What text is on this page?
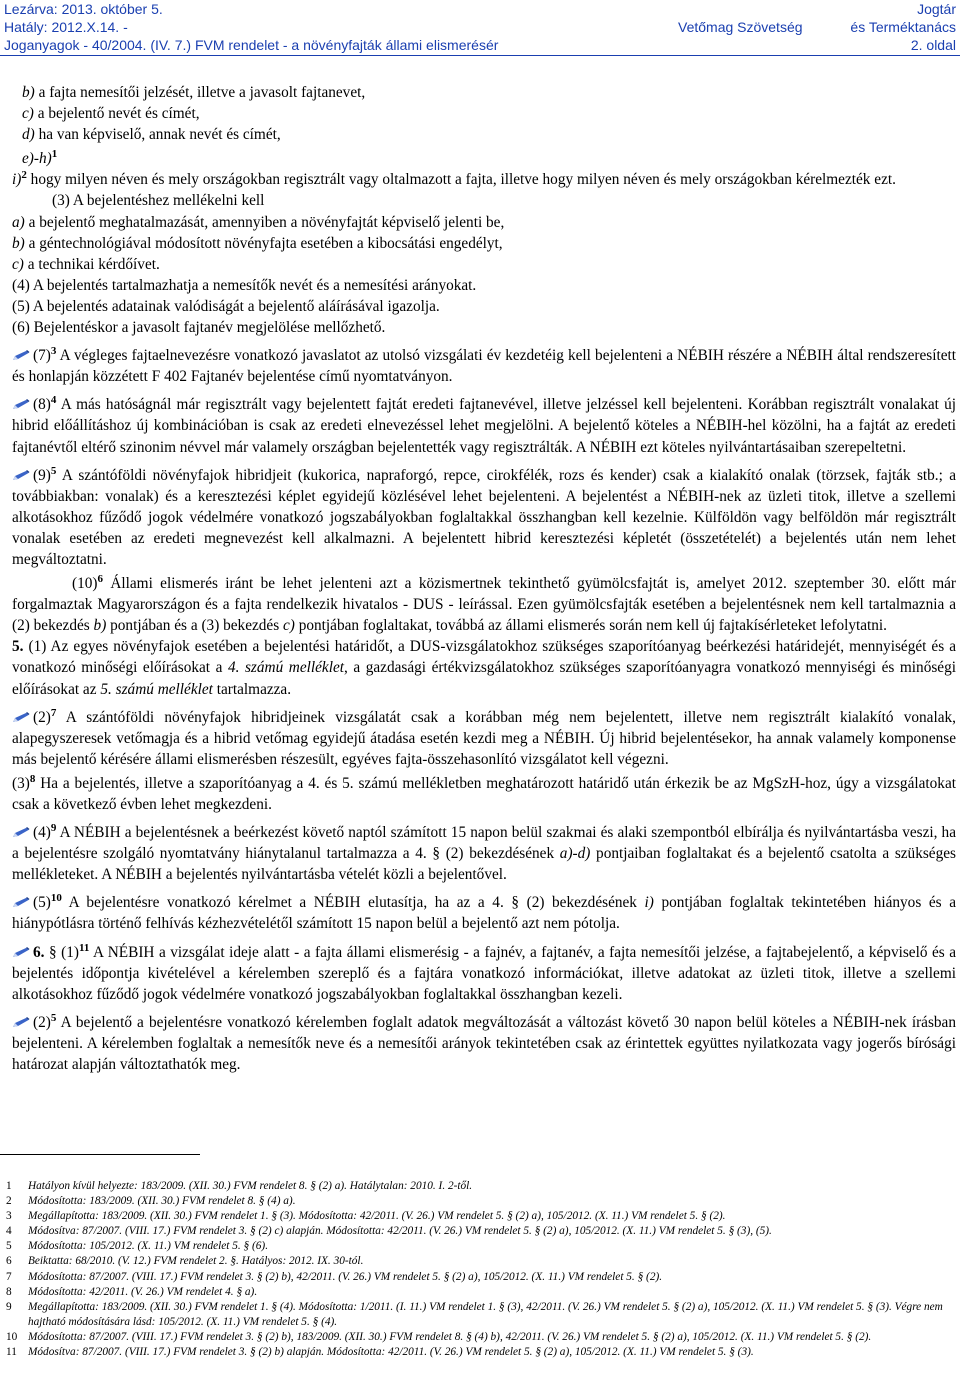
Lezárva: 2013. október 5.
Hatály: 2012.X.14. -
Joganyagok - 40/2004. (IV. 7.) FVM rendelet - a növényfajták állami elismerésér
Vetőmag Szövetség
Jogtár
és Terméktanács
2. oldal

b) a fajta nemesítői jelzését, illetve a javasolt fajtanevet,

c) a bejelentő nevét és címét,

d) ha van képviselő, annak nevét és címét,

e)-h)$^1$

i)$^2$ hogy milyen néven és mely országokban regisztrált vagy oltalmazott a fajta, illetve hogy milyen néven és mely országokban kérelmezték ezt.

(3) A bejelentéshez mellékelni kell

a) a bejelentő meghatalmazását, amennyiben a növényfajtát képviselő jelenti be,

b) a géntechnológiával módosított növényfajta esetében a kibocsátási engedélyt,

c) a technikai kérdőívet.

(4) A bejelentés tartalmazhatja a nemesítők nevét és a nemesítési arányokat.

(5) A bejelentés adatainak valódiságát a bejelentő aláírásával igazolja.

(6) Bejelentéskor a javasolt fajtanév megjelölése mellőzhető.

$(7)^3$ A végleges fajtaelnevezésre vonatkozó javaslatot az utolsó vizsgálati év kezdetéig kell bejelenteni a NÉBIH részére a NÉBIH által rendszeresített és honlapján közzétett F 402 Fajtanév bejelentése című nyomtatványon.

$(8)^4$ A más hatóságnál már regisztrált vagy bejelentett fajtát eredeti fajtanevével, illetve jelzéssel kell bejelenteni. Korábban regisztrált vonalakat új hibrid előállításhoz új kombinációban is csak az eredeti elnevezéssel lehet megjelölni. A bejelentő köteles a NÉBIH-hel közölni, ha a fajtát az eredeti fajtanévtől eltérő szinonim névvel már valamely országban bejelentették vagy regisztrálták. A NÉBIH ezt köteles nyilvántartásaiban szerepeltetni.

$(9)^5$ A szántóföldi növényfajok hibridjeit (kukorica, napraforgó, repce, cirokfélék, rozs és kender) csak a kialakító onalak (törzsek, fajták stb.; a továbbiakban: vonalak) és a keresztezési képlet egyidejű közlésével lehet bejelenteni. A bejelentést a NÉBIH-nek az üzleti titok, illetve a szellemi alkotásokhoz fűződő jogok védelmére vonatkozó jogszabályokban foglaltakkal összhangban kell kezelnie. Külföldön vagy belföldön már regisztrált vonalak esetében az eredeti megnevezést kell alkalmazni. A bejelentett hibrid keresztezési képletét (összetételét) a bejelentés után nem lehet megváltoztatni.

$(10)^6$ Állami elismerés iránt be lehet jelenteni azt a közismertnek tekinthető gyümölcsfajtát is, amelyet 2012. szeptember 30. előtt már forgalmaztak Magyarországon és a fajta rendelkezik hivatalos - DUS - leírással. Ezen gyümölcsfajták esetében a bejelentésnek nem kell tartalmaznia a (2) bekezdés b) pontjában és a (3) bekezdés c) pontjában foglaltakat, továbbá az állami elismerés során nem kell új fajtakísérleteket lefolytatni.

5. (1) Az egyes növényfajok esetében a bejelentési határidőt, a DUS-vizsgálatokhoz szükséges szaporítóanyag beérkezési határidejét, mennyiségét és a vonatkozó minőségi előírásokat a 4. számú melléklet, a gazdasági értékvizsgálatokhoz szükséges szaporítóanyagra vonatkozó mennyiségi és minőségi előírásokat az 5. számú melléklet tartalmazza.

$(2)^7$ A szántóföldi növényfajok hibridjeinek vizsgálatát csak a korábban még nem bejelentett, illetve nem regisztrált kialakító vonalak, alapegyszeresek vetőmagja és a hibrid vetőmag egyidejű átadása esetén kezdi meg a NÉBIH. Új hibrid bejelentésekor, ha annak valamely komponense más bejelentő kérésére állami elismerésben részesült, egyéves fajta-összehasonlító vizsgálatot kell végezni.

$(3)^8$ Ha a bejelentés, illetve a szaporítóanyag a 4. és 5. számú mellékletben meghatározott határidő után érkezik be az MgSzH-hoz, úgy a vizsgálatokat csak a következő évben lehet megkezdeni.

$(4)^9$ A NÉBIH a bejelentésnek a beérkezést követő naptól számított 15 napon belül szakmai és alaki szempontból elbírálja és nyilvántartásba veszi, ha a bejelentésre szolgáló nyomtatvány hiánytalanul tartalmazza a 4. § (2) bekezdésének a)-d) pontjaiban foglaltakat és a bejelentő csatolta a szükséges mellékleteket. A NÉBIH a bejelentés nyilvántartásba vételét közli a bejelentővel.

$(5)^{10}$ A bejelentésre vonatkozó kérelmet a NÉBIH elutasítja, ha az a 4. § (2) bekezdésének i) pontjában foglaltak tekintetében hiányos és a hiánypótlásra történő felhívás kézhezvételétől számított 15 napon belül a bejelentő azt nem pótolja.

6. § $(1)^{11}$ A NÉBIH a vizsgálat ideje alatt - a fajta állami elismerésig - a fajnév, a fajtanév, a fajta nemesítői jelzése, a fajtabejelentő, a képviselő és a bejelentés időpontja kivételével a kérelemben szereplő és a fajtára vonatkozó információkat, illetve adatokat az üzleti titok, illetve a szellemi alkotásokhoz fűződő jogok védelmére vonatkozó jogszabályokban foglaltakkal összhangban kezeli.

$(2)^5$ A bejelentő a bejelentésre vonatkozó kérelemben foglalt adatok megváltozását a változást követő 30 napon belül köteles a NÉBIH-nek írásban bejelenteni. A kérelemben foglaltak a nemesítők neve és a nemesítői arányok tekintetében csak az érintettek együttes nyilatkozata vagy jogerős bírósági határozat alapján változtathatók meg.

1	Hatályon kívül helyezte: 183/2009. (XII. 30.) FVM rendelet 8. § (2) a). Hatálytalan: 2010. I. 2-től.
2	Módosította: 183/2009. (XII. 30.) FVM rendelet 8. § (4) a).
3	Megállapította: 183/2009. (XII. 30.) FVM rendelet 1. § (3). Módosította: 42/2011. (V. 26.) VM rendelet 5. § (2) a), 105/2012. (X. 11.) VM rendelet 5. § (2).
4	Módosítva: 87/2007. (VIII. 17.) FVM rendelet 3. § (2) c) alapján. Módosította: 42/2011. (V. 26.) VM rendelet 5. § (2) a), 105/2012. (X. 11.) VM rendelet 5. § (3), (5).
5	Módosította: 105/2012. (X. 11.) VM rendelet 5. § (6).
6	Beiktatta: 68/2010. (V. 12.) FVM rendelet 2. §. Hatályos: 2012. IX. 30-tól.
7	Módosította: 87/2007. (VIII. 17.) FVM rendelet 3. § (2) b), 42/2011. (V. 26.) VM rendelet 5. § (2) a), 105/2012. (X. 11.) VM rendelet 5. § (2).
8	Módosította: 42/2011. (V. 26.) VM rendelet 4. § a).
9	Megállapította: 183/2009. (XII. 30.) FVM rendelet 1. § (4). Módosította: 1/2011. (I. 11.) VM rendelet 1. § (3), 42/2011. (V. 26.) VM rendelet 5. § (2) a), 105/2012. (X. 11.) VM rendelet 5. § (3). Végre nem hajtható módosítására lásd: 105/2012. (X. 11.) VM rendelet 5. § (4).
10 Módosította: 87/2007. (VIII. 17.) FVM rendelet 3. § (2) b), 183/2009. (XII. 30.) FVM rendelet 8. § (4) b), 42/2011. (V. 26.) VM rendelet 5. § (2) a), 105/2012. (X. 11.) VM rendelet 5. § (2).
11 Módosítva: 87/2007. (VIII. 17.) FVM rendelet 3. § (2) b) alapján. Módosította: 42/2011. (V. 26.) VM rendelet 5. § (2) a), 105/2012. (X. 11.) VM rendelet 5. § (3).
